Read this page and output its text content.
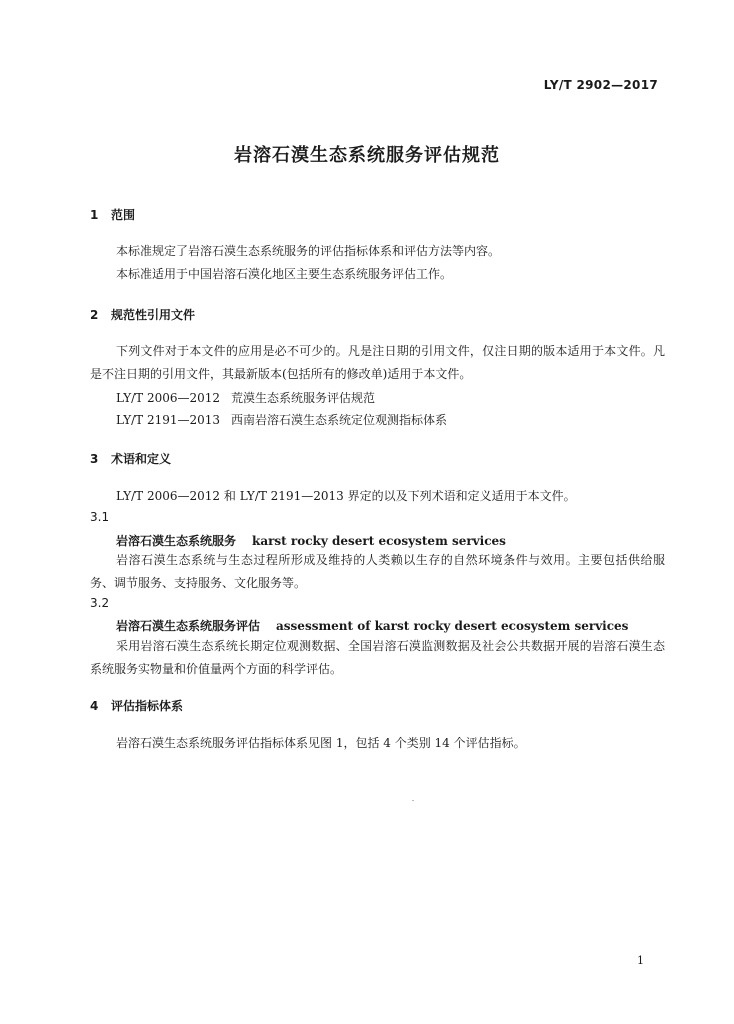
LY/T 2902—2017
岩溶石漠生态系统服务评估规范
1 范围
本标准规定了岩溶石漠生态系统服务的评估指标体系和评估方法等内容。
本标准适用于中国岩溶石漠化地区主要生态系统服务评估工作。
2 规范性引用文件
下列文件对于本文件的应用是必不可少的。凡是注日期的引用文件，仅注日期的版本适用于本文件。凡是不注日期的引用文件，其最新版本(包括所有的修改单)适用于本文件。
LY/T 2006—2012 荒漠生态系统服务评估规范
LY/T 2191—2013 西南岩溶石漠生态系统定位观测指标体系
3 术语和定义
LY/T 2006—2012 和 LY/T 2191—2013 界定的以及下列术语和定义适用于本文件。
3.1
岩溶石漠生态系统服务 karst rocky desert ecosystem services
岩溶石漠生态系统与生态过程所形成及维持的人类赖以生存的自然环境条件与效用。主要包括供给服务、调节服务、支持服务、文化服务等。
3.2
岩溶石漠生态系统服务评估 assessment of karst rocky desert ecosystem services
采用岩溶石漠生态系统长期定位观测数据、全国岩溶石漠监测数据及社会公共数据开展的岩溶石漠生态系统服务实物量和价值量两个方面的科学评估。
4 评估指标体系
岩溶石漠生态系统服务评估指标体系见图 1，包括 4 个类别 14 个评估指标。
1
